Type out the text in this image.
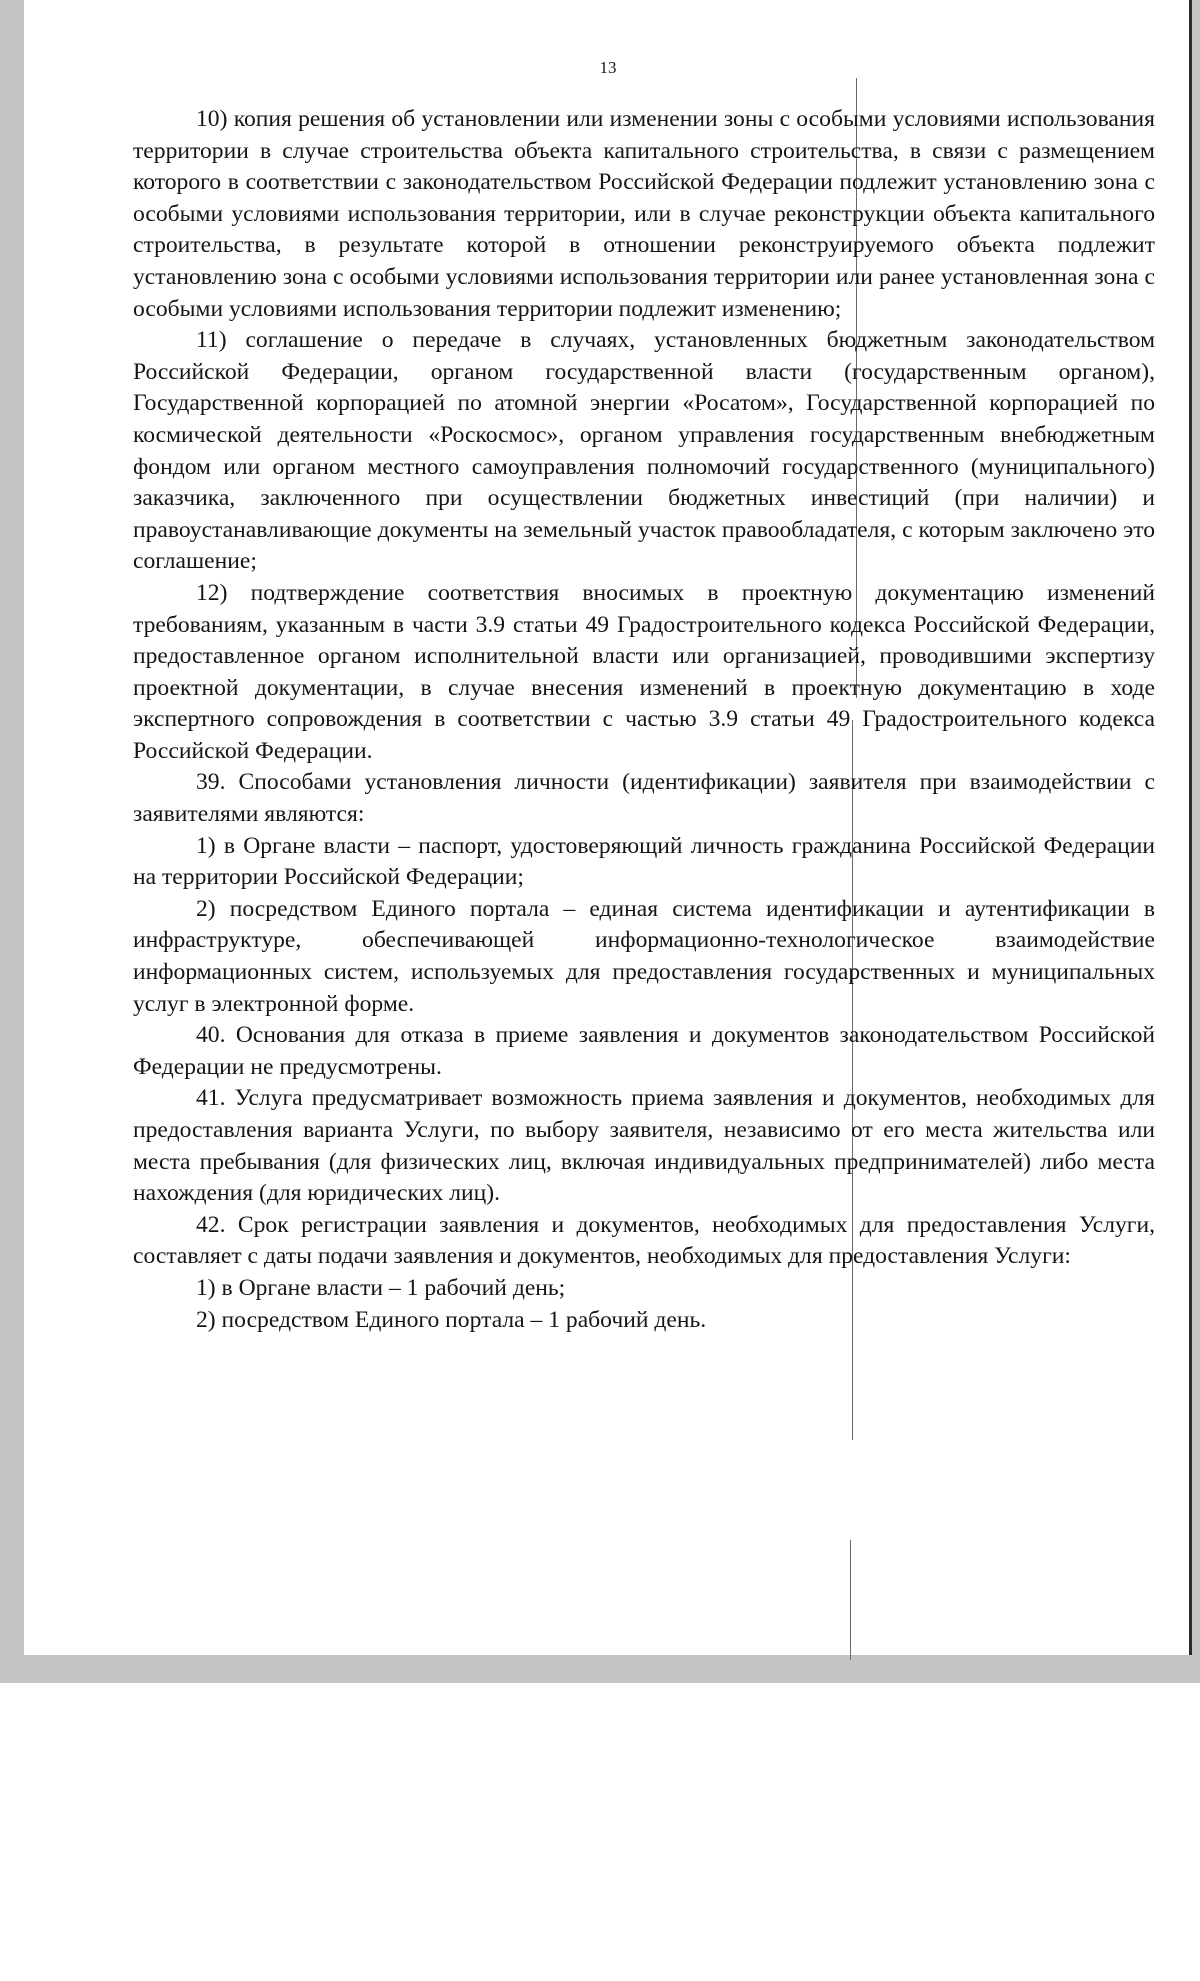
13

10) копия решения об установлении или изменении зоны с особыми условиями использования территории в случае строительства объекта капитального строительства, в связи с размещением которого в соответствии с законодательством Российской Федерации подлежит установлению зона с особыми условиями использования территории, или в случае реконструкции объекта капитального строительства, в результате которой в отношении реконструируемого объекта подлежит установлению зона с особыми условиями использования территории или ранее установленная зона с особыми условиями использования территории подлежит изменению;

11) соглашение о передаче в случаях, установленных бюджетным законодательством Российской Федерации, органом государственной власти (государственным органом), Государственной корпорацией по атомной энергии «Росатом», Государственной корпорацией по космической деятельности «Роскосмос», органом управления государственным внебюджетным фондом или органом местного самоуправления полномочий государственного (муниципального) заказчика, заключенного при осуществлении бюджетных инвестиций (при наличии) и правоустанавливающие документы на земельный участок правообладателя, с которым заключено это соглашение;

12) подтверждение соответствия вносимых в проектную документацию изменений требованиям, указанным в части 3.9 статьи 49 Градостроительного кодекса Российской Федерации, предоставленное органом исполнительной власти или организацией, проводившими экспертизу проектной документации, в случае внесения изменений в проектную документацию в ходе экспертного сопровождения в соответствии с частью 3.9 статьи 49 Градостроительного кодекса Российской Федерации.

39. Способами установления личности (идентификации) заявителя при взаимодействии с заявителями являются:

1) в Органе власти – паспорт, удостоверяющий личность гражданина Российской Федерации на территории Российской Федерации;

2) посредством Единого портала – единая система идентификации и аутентификации в инфраструктуре, обеспечивающей информационно-технологическое взаимодействие информационных систем, используемых для предоставления государственных и муниципальных услуг в электронной форме.

40. Основания для отказа в приеме заявления и документов законодательством Российской Федерации не предусмотрены.

41. Услуга предусматривает возможность приема заявления и документов, необходимых для предоставления варианта Услуги, по выбору заявителя, независимо от его места жительства или места пребывания (для физических лиц, включая индивидуальных предпринимателей) либо места нахождения (для юридических лиц).

42. Срок регистрации заявления и документов, необходимых для предоставления Услуги, составляет с даты подачи заявления и документов, необходимых для предоставления Услуги:

1) в Органе власти – 1 рабочий день;

2) посредством Единого портала – 1 рабочий день.
